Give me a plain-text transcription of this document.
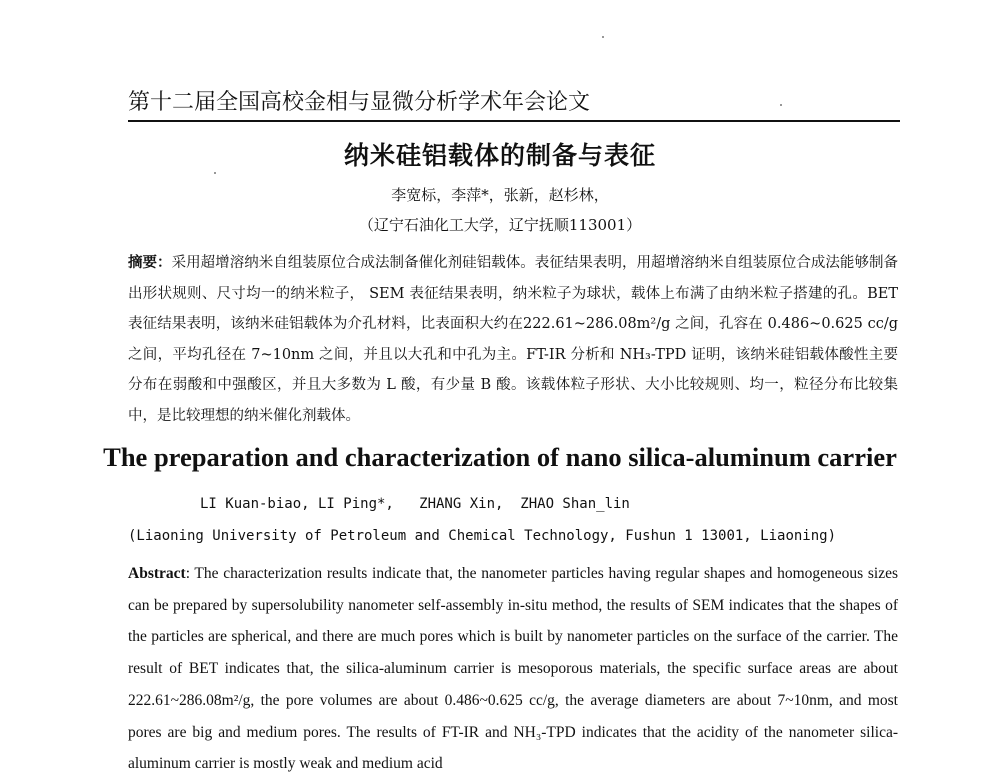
第十二届全国高校金相与显微分析学术年会论文
纳米硅铝载体的制备与表征
李宽标，李萍*，张新，赵杉林，
（辽宁石油化工大学，辽宁抚顺113001）
摘要：采用超增溶纳米自组装原位合成法制备催化剂硅铝载体。表征结果表明，用超增溶纳米自组装原位合成法能够制备出形状规则、尺寸均一的纳米粒子， SEM 表征结果表明，纳米粒子为球状，载体上布满了由纳米粒子搭建的孔。BET 表征结果表明，该纳米硅铝载体为介孔材料，比表面积大约在222.61~286.08m²/g 之间，孔容在 0.486~0.625 cc/g 之间，平均孔径在 7~10nm 之间，并且以大孔和中孔为主。FT-IR 分析和 NH₃-TPD 证明，该纳米硅铝载体酸性主要分布在弱酸和中强酸区，并且大多数为 L 酸，有少量 B 酸。该载体粒子形状、大小比较规则、均一，粒径分布比较集中，是比较理想的纳米催化剂载体。
The preparation and characterization of nano silica-aluminum carrier
LI Kuan-biao, LI Ping*,   ZHANG Xin,  ZHAO Shan_lin
(Liaoning University of Petroleum and Chemical Technology, Fushun 1 13001, Liaoning)
Abstract: The characterization results indicate that, the nanometer particles having regular shapes and homogeneous sizes can be prepared by supersolubility nanometer self-assembly in-situ method, the results of SEM indicates that the shapes of the particles are spherical, and there are much pores which is built by nanometer particles on the surface of the carrier. The result of BET indicates that, the silica-aluminum carrier is mesoporous materials, the specific surface areas are about 222.61~286.08m²/g, the pore volumes are about 0.486~0.625 cc/g, the average diameters are about 7~10nm, and most pores are big and medium pores. The results of FT-IR and NH₃-TPD indicates that the acidity of the nanometer silica-aluminum carrier is mostly weak and medium acid
